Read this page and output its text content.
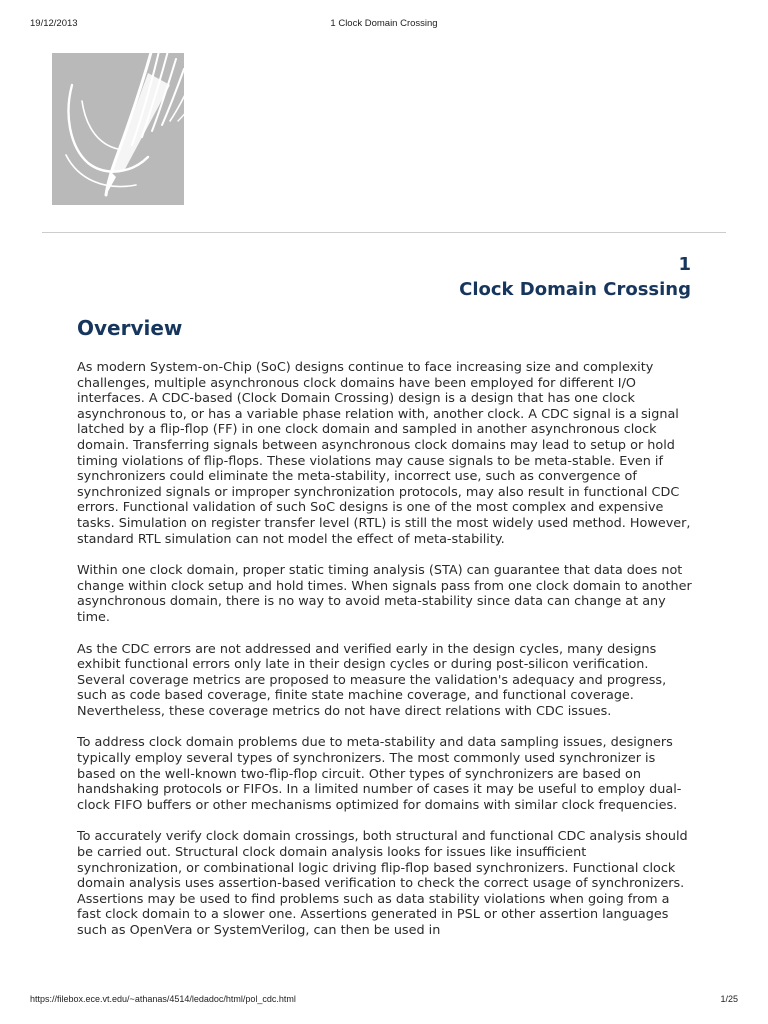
19/12/2013	1 Clock Domain Crossing
1
Clock Domain Crossing
Overview

As modern System-on-Chip (SoC) designs continue to face increasing size and complexity challenges, multiple asynchronous clock domains have been employed for different I/O interfaces. A CDC-based (Clock Domain Crossing) design is a design that has one clock asynchronous to, or has a variable phase relation with, another clock. A CDC signal is a signal latched by a flip-flop (FF) in one clock domain and sampled in another asynchronous clock domain. Transferring signals between asynchronous clock domains may lead to setup or hold timing violations of flip-flops. These violations may cause signals to be meta-stable. Even if synchronizers could eliminate the meta-stability, incorrect use, such as convergence of synchronized signals or improper synchronization protocols, may also result in functional CDC errors. Functional validation of such SoC designs is one of the most complex and expensive tasks. Simulation on register transfer level (RTL) is still the most widely used method. However, standard RTL simulation can not model the effect of meta-stability.

Within one clock domain, proper static timing analysis (STA) can guarantee that data does not change within clock setup and hold times. When signals pass from one clock domain to another asynchronous domain, there is no way to avoid meta-stability since data can change at any time.

As the CDC errors are not addressed and verified early in the design cycles, many designs exhibit functional errors only late in their design cycles or during post-silicon verification. Several coverage metrics are proposed to measure the validation's adequacy and progress, such as code based coverage, finite state machine coverage, and functional coverage. Nevertheless, these coverage metrics do not have direct relations with CDC issues.

To address clock domain problems due to meta-stability and data sampling issues, designers typically employ several types of synchronizers. The most commonly used synchronizer is based on the well-known two-flip-flop circuit. Other types of synchronizers are based on handshaking protocols or FIFOs. In a limited number of cases it may be useful to employ dual-clock FIFO buffers or other mechanisms optimized for domains with similar clock frequencies.

To accurately verify clock domain crossings, both structural and functional CDC analysis should be carried out. Structural clock domain analysis looks for issues like insufficient synchronization, or combinational logic driving flip-flop based synchronizers. Functional clock domain analysis uses assertion-based verification to check the correct usage of synchronizers. Assertions may be used to find problems such as data stability violations when going from a fast clock domain to a slower one. Assertions generated in PSL or other assertion languages such as OpenVera or SystemVerilog, can then be used in

https://filebox.ece.vt.edu/~athanas/4514/ledadoc/html/pol_cdc.html	1/25
